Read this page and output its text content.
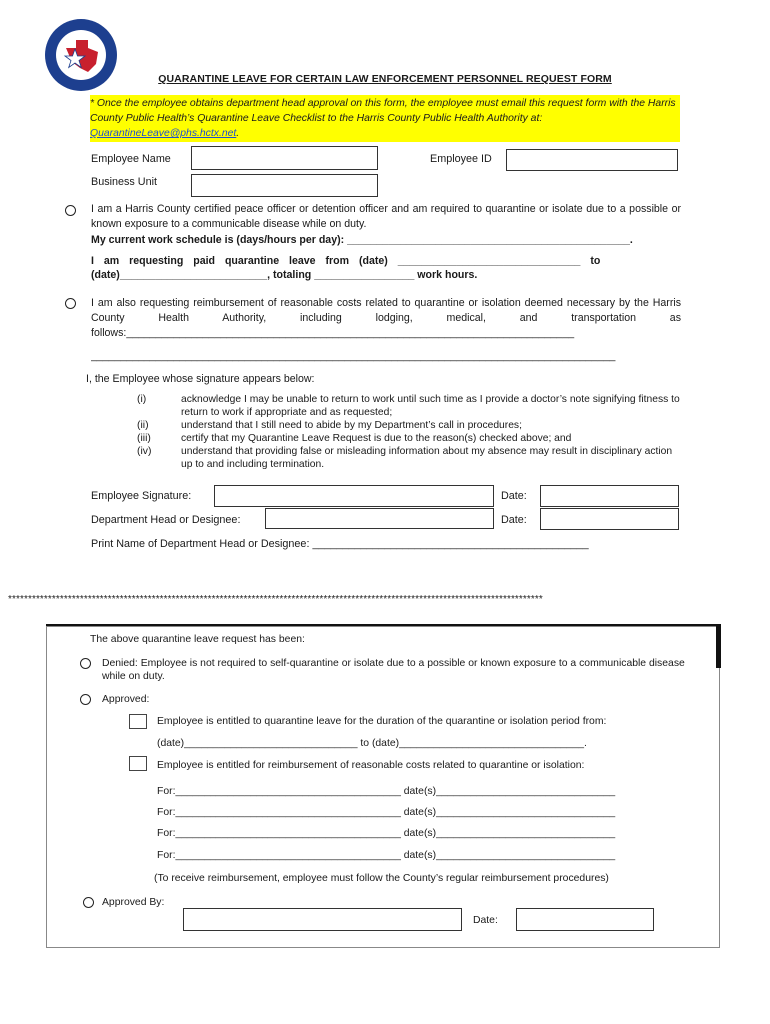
QUARANTINE LEAVE FOR CERTAIN LAW ENFORCEMENT PERSONNEL REQUEST FORM
* Once the employee obtains department head approval on this form, the employee must email this request form with the Harris County Public Health’s Quarantine Leave Checklist to the Harris County Public Health Authority at: QuarantineLeave@phs.hctx.net.
Employee Name	Employee ID
Business Unit
I am a Harris County certified peace officer or detention officer and am required to quarantine or isolate due to a possible or known exposure to a communicable disease while on duty.
My current work schedule is (days/hours per day): ________________________________________________.
I am requesting paid quarantine leave from (date) _______________________________ to
(date)_________________________, totaling _________________ work hours.
I am also requesting reimbursement of reasonable costs related to quarantine or isolation deemed necessary by the Harris County Health Authority, including lodging, medical, and transportation as follows:____________________________________________________________________________
_________________________________________________________________________________________
I, the Employee whose signature appears below:
(i)	acknowledge I may be unable to return to work until such time as I provide a doctor’s note signifying fitness to return to work if appropriate and as requested;
(ii)	understand that I still need to abide by my Department’s call in procedures;
(iii)	certify that my Quarantine Leave Request is due to the reason(s) checked above; and
(iv)	understand that providing false or misleading information about my absence may result in disciplinary action up to and including termination.
Employee Signature:	Date:
Department Head or Designee:	Date:
Print Name of Department Head or Designee: ______________________________________________
**************************************************************************************************************************************
The above quarantine leave request has been:
Denied: Employee is not required to self-quarantine or isolate due to a possible or known exposure to a communicable disease while on duty.
Approved:
Employee is entitled to quarantine leave for the duration of the quarantine or isolation period from:
(date)______________________________ to (date)________________________________.
Employee is entitled for reimbursement of reasonable costs related to quarantine or isolation:
For:_______________________________________ date(s)_______________________________
For:_______________________________________ date(s)_______________________________
For:_______________________________________ date(s)_______________________________
For:_______________________________________ date(s)_______________________________
(To receive reimbursement, employee must follow the County’s regular reimbursement procedures)
Approved By:
Date:
